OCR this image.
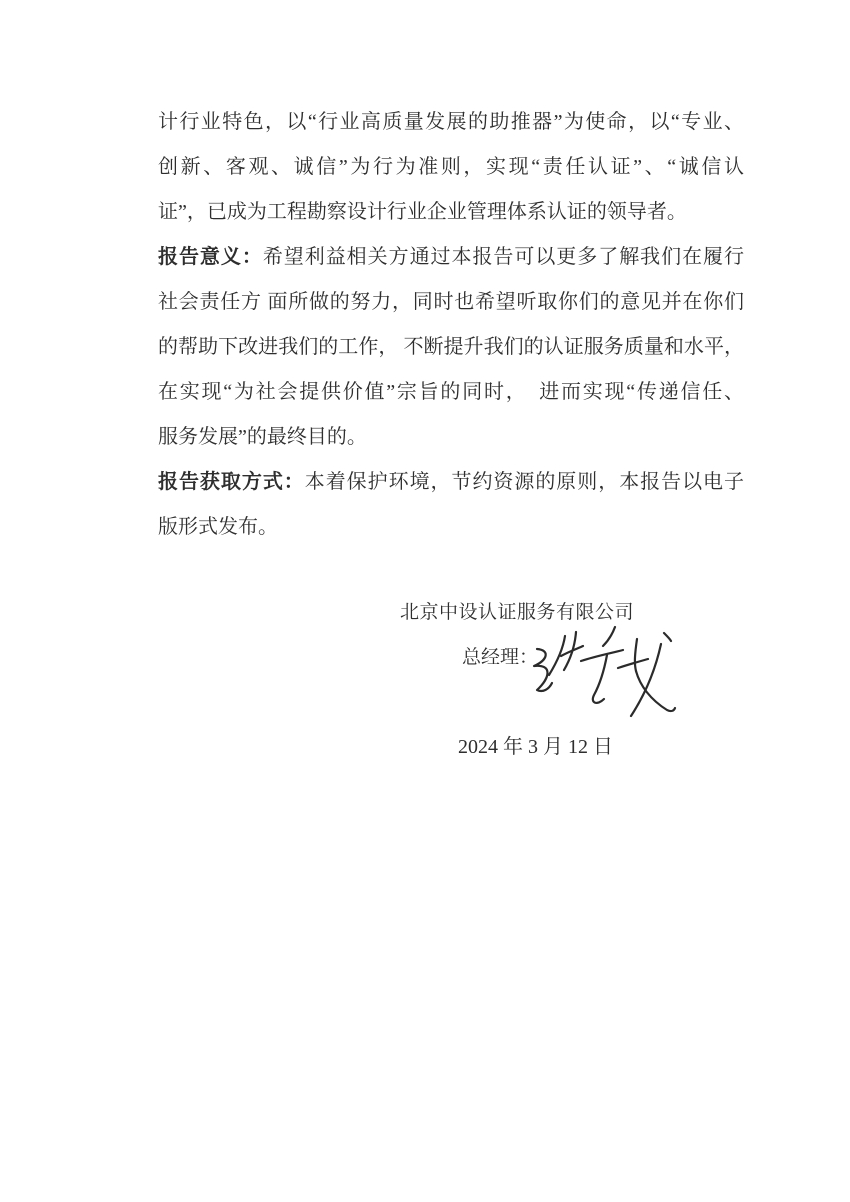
计行业特色，以“行业高质量发展的助推器”为使命，以“专业、
创新、客观、诚信”为行为准则，实现“责任认证”、“诚信认
证”，已成为工程勘察设计行业企业管理体系认证的领导者。
报告意义：希望利益相关方通过本报告可以更多了解我们在履行
社会责任方 面所做的努力，同时也希望听取你们的意见并在你们
的帮助下改进我们的工作， 不断提升我们的认证服务质量和水平，
在实现“为社会提供价值”宗旨的同时，　进而实现“传递信任、
服务发展”的最终目的。
报告获取方式：本着保护环境，节约资源的原则，本报告以电子
版形式发布。
北京中设认证服务有限公司
总经理：
2024 年 3 月 12 日
